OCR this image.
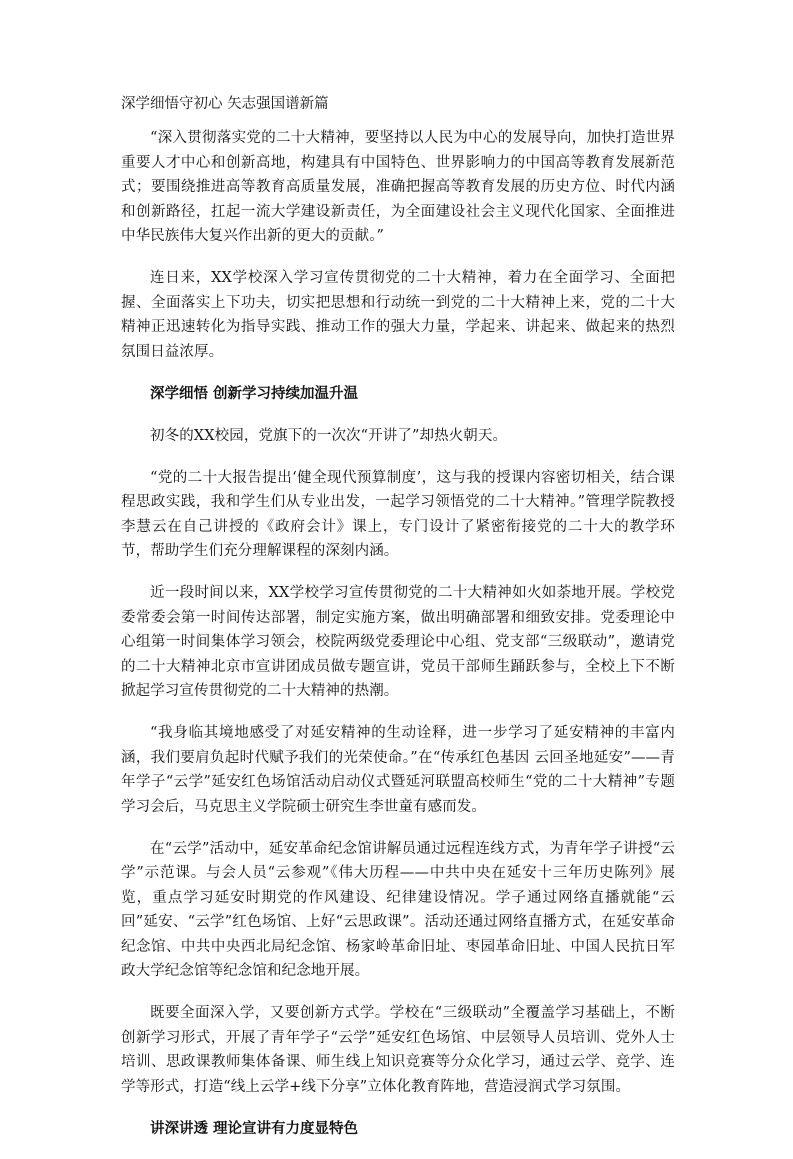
深学细悟守初心 矢志强国谱新篇

“深入贯彻落实党的二十大精神，要坚持以人民为中心的发展导向，加快打造世界重要人才中心和创新高地，构建具有中国特色、世界影响力的中国高等教育发展新范式；要围绕推进高等教育高质量发展，准确把握高等教育发展的历史方位、时代内涵和创新路径，扛起一流大学建设新责任，为全面建设社会主义现代化国家、全面推进中华民族伟大复兴作出新的更大的贡献。”

连日来，XX学校深入学习宣传贯彻党的二十大精神，着力在全面学习、全面把握、全面落实上下功夫，切实把思想和行动统一到党的二十大精神上来，党的二十大精神正迅速转化为指导实践、推动工作的强大力量，学起来、讲起来、做起来的热烈氛围日益浓厚。

深学细悟 创新学习持续加温升温

初冬的XX校园，党旗下的一次次“开讲了”却热火朝天。

“党的二十大报告提出‘健全现代预算制度’，这与我的授课内容密切相关，结合课程思政实践，我和学生们从专业出发，一起学习领悟党的二十大精神。”管理学院教授李慧云在自己讲授的《政府会计》课上，专门设计了紧密衔接党的二十大的教学环节，帮助学生们充分理解课程的深刻内涵。

近一段时间以来，XX学校学习宣传贯彻党的二十大精神如火如荼地开展。学校党委常委会第一时间传达部署，制定实施方案，做出明确部署和细致安排。党委理论中心组第一时间集体学习领会，校院两级党委理论中心组、党支部“三级联动”，邀请党的二十大精神北京市宣讲团成员做专题宣讲，党员干部师生踊跃参与，全校上下不断掀起学习宣传贯彻党的二十大精神的热潮。

“我身临其境地感受了对延安精神的生动诠释，进一步学习了延安精神的丰富内涵，我们要肩负起时代赋予我们的光荣使命。”在“传承红色基因 云回圣地延安”——青年学子“云学”延安红色场馆活动启动仪式暨延河联盟高校师生“党的二十大精神”专题学习会后，马克思主义学院硕士研究生李世童有感而发。

在“云学”活动中，延安革命纪念馆讲解员通过远程连线方式，为青年学子讲授“云学”示范课。与会人员“云参观”《伟大历程——中共中央在延安十三年历史陈列》展览，重点学习延安时期党的作风建设、纪律建设情况。学子通过网络直播就能“云回”延安、“云学”红色场馆、上好“云思政课”。活动还通过网络直播方式，在延安革命纪念馆、中共中央西北局纪念馆、杨家岭革命旧址、枣园革命旧址、中国人民抗日军政大学纪念馆等纪念馆和纪念地开展。

既要全面深入学，又要创新方式学。学校在“三级联动”全覆盖学习基础上，不断创新学习形式，开展了青年学子“云学”延安红色场馆、中层领导人员培训、党外人士培训、思政课教师集体备课、师生线上知识竞赛等分众化学习，通过云学、竞学、连学等形式，打造“线上云学+线下分享”立体化教育阵地，营造浸润式学习氛围。

讲深讲透 理论宣讲有力度显特色
